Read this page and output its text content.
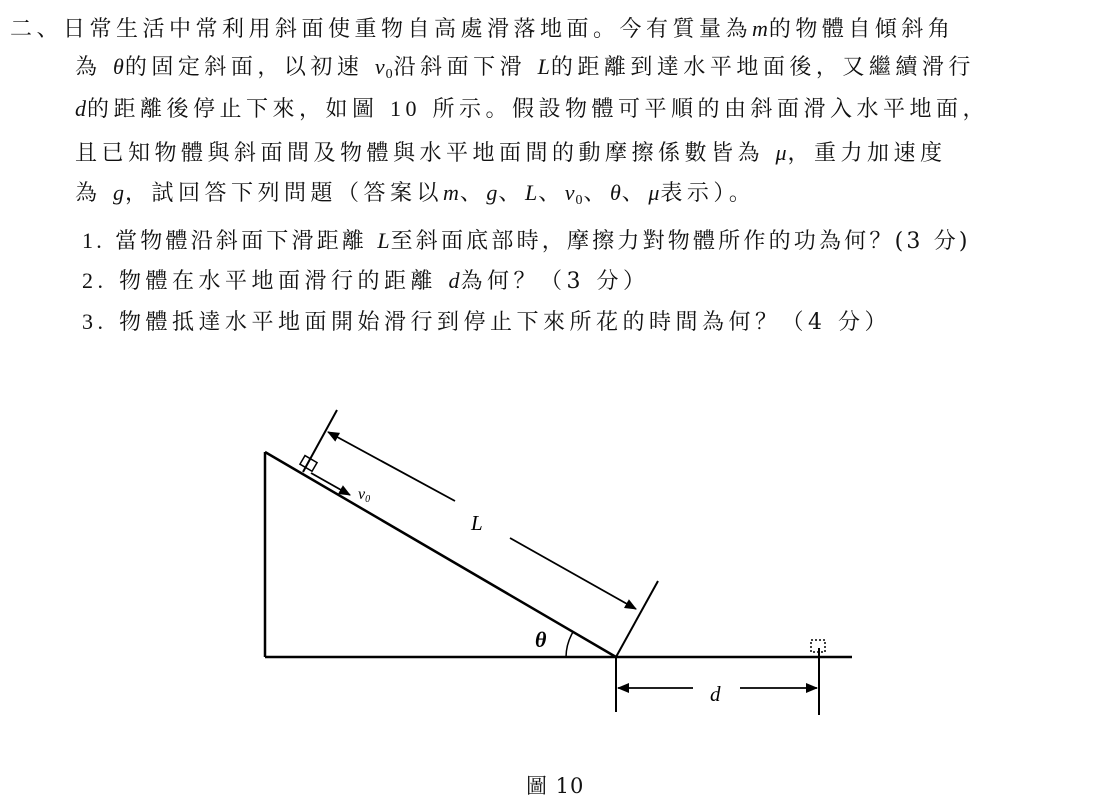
二、日常生活中常利用斜面使重物自高處滑落地面。今有質量為m的物體自傾斜角
為 θ的固定斜面，以初速 $v_0$沿斜面下滑 L的距離到達水平地面後，又繼續滑行
d的距離後停止下來，如圖 10 所示。假設物體可平順的由斜面滑入水平地面，
且已知物體與斜面間及物體與水平地面間的動摩擦係數皆為 μ，重力加速度
為 g，試回答下列問題（答案以m、g、L、$v_0$、θ、μ表示）。
1. 當物體沿斜面下滑距離 L至斜面底部時，摩擦力對物體所作的功為何？(3 分)
2. 物體在水平地面滑行的距離 d為何？（3 分）
3. 物體抵達水平地面開始滑行到停止下來所花的時間為何？（4 分）
v0
L
θ
d
圖 10
